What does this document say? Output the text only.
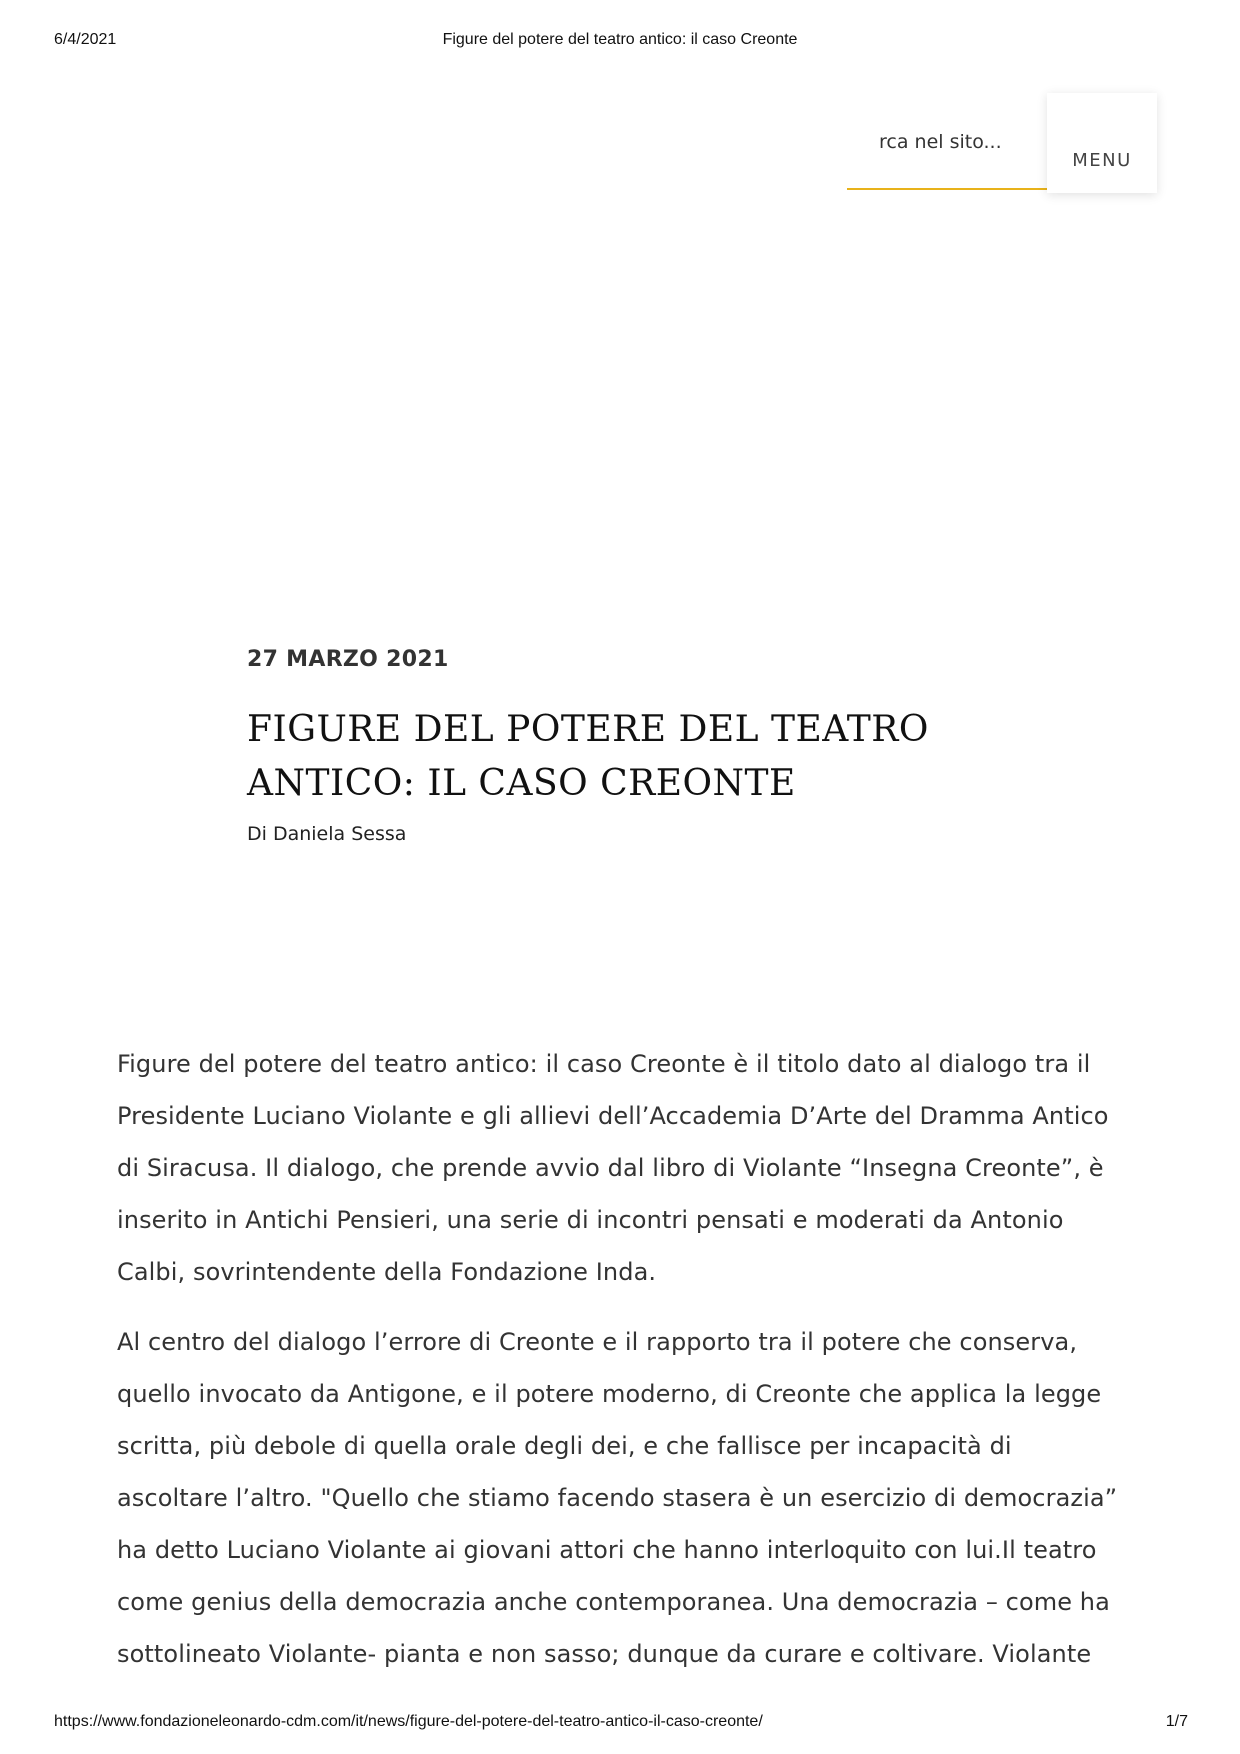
6/4/2021	Figure del potere del teatro antico: il caso Creonte
rca nel sito...
MENU
27 MARZO 2021
FIGURE DEL POTERE DEL TEATRO
ANTICO: IL CASO CREONTE
Di Daniela Sessa

Figure del potere del teatro antico: il caso Creonte è il titolo dato al dialogo tra il
Presidente Luciano Violante e gli allievi dell’Accademia D’Arte del Dramma Antico
di Siracusa. Il dialogo, che prende avvio dal libro di Violante “Insegna Creonte”, è
inserito in Antichi Pensieri, una serie di incontri pensati e moderati da Antonio
Calbi, sovrintendente della Fondazione Inda.

Al centro del dialogo l’errore di Creonte e il rapporto tra il potere che conserva,
quello invocato da Antigone, e il potere moderno, di Creonte che applica la legge
scritta, più debole di quella orale degli dei, e che fallisce per incapacità di
ascoltare l’altro. "Quello che stiamo facendo stasera è un esercizio di democrazia”
ha detto Luciano Violante ai giovani attori che hanno interloquito con lui.Il teatro
come genius della democrazia anche contemporanea. Una democrazia – come ha
sottolineato Violante- pianta e non sasso; dunque da curare e coltivare. Violante

https://www.fondazioneleonardo-cdm.com/it/news/figure-del-potere-del-teatro-antico-il-caso-creonte/	1/7
